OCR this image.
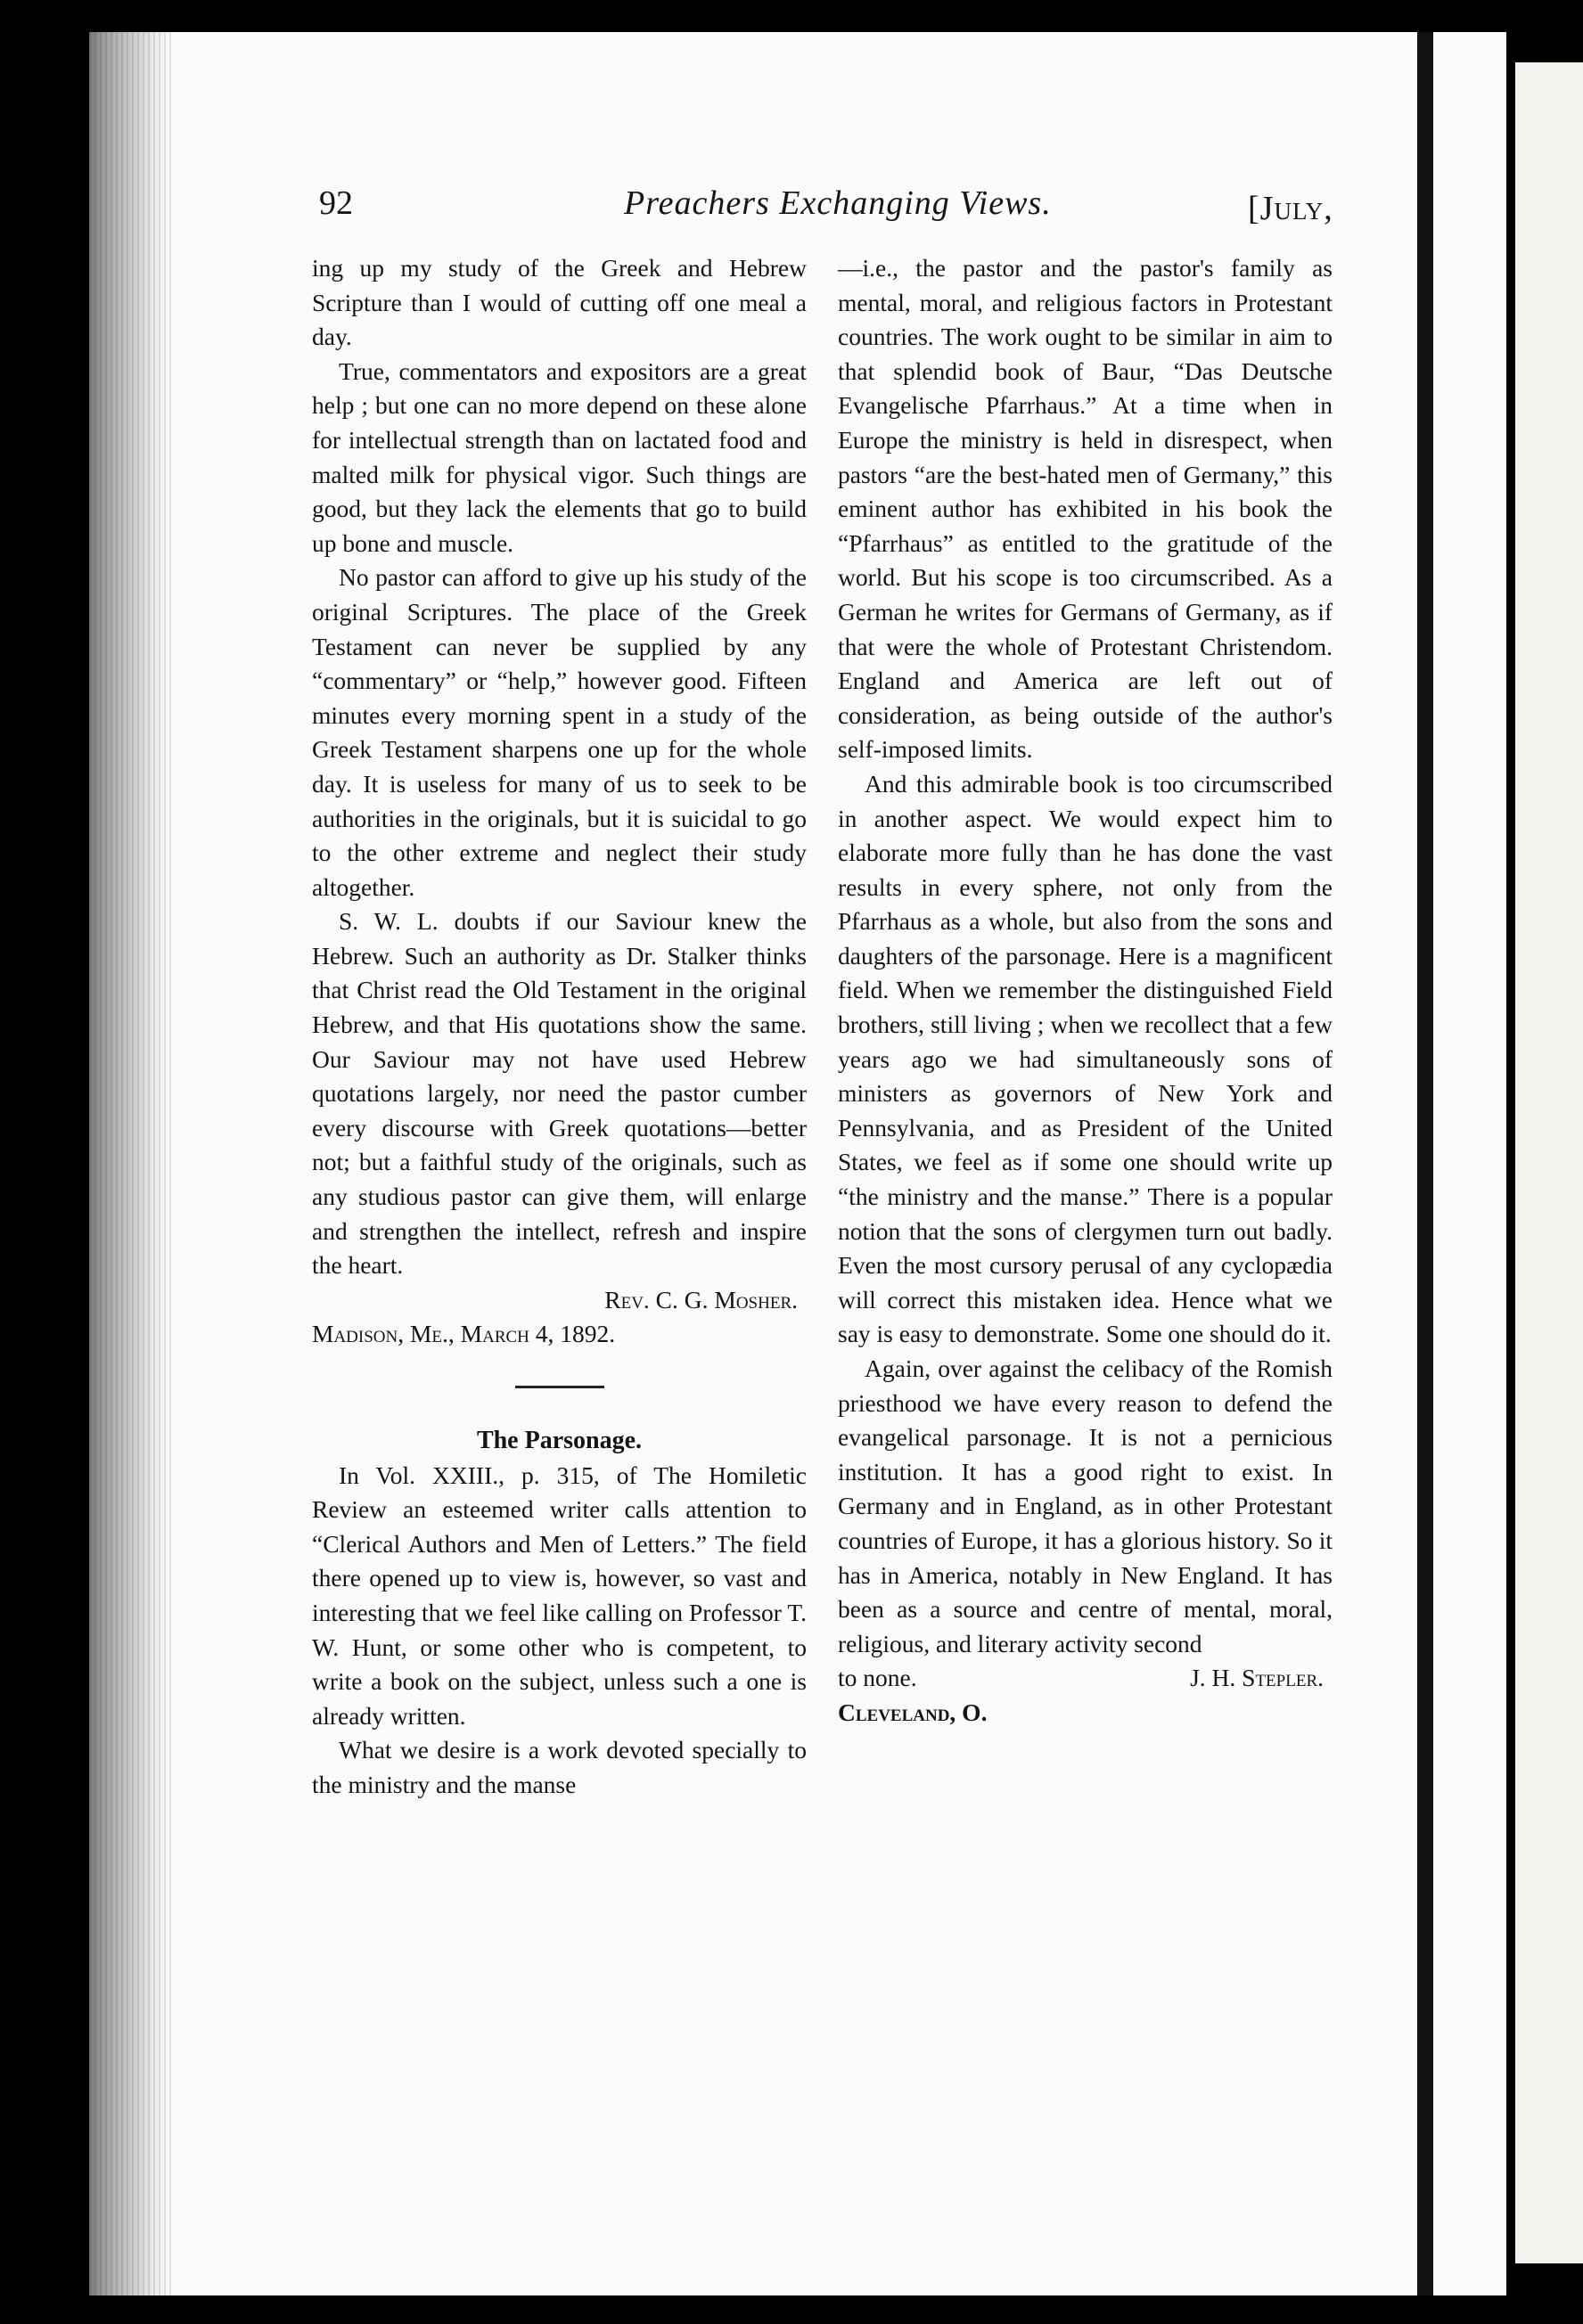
92	Preachers Exchanging Views.	[July,

ing up my study of the Greek and Hebrew Scripture than I would of cutting off one meal a day.

True, commentators and expositors are a great help ; but one can no more depend on these alone for intellectual strength than on lactated food and malted milk for physical vigor. Such things are good, but they lack the elements that go to build up bone and muscle.

No pastor can afford to give up his study of the original Scriptures. The place of the Greek Testament can never be supplied by any “commentary” or “help,” however good. Fifteen minutes every morning spent in a study of the Greek Testament sharpens one up for the whole day. It is useless for many of us to seek to be authorities in the originals, but it is suicidal to go to the other extreme and neglect their study altogether.

S. W. L. doubts if our Saviour knew the Hebrew. Such an authority as Dr. Stalker thinks that Christ read the Old Testament in the original Hebrew, and that His quotations show the same. Our Saviour may not have used Hebrew quotations largely, nor need the pastor cumber every discourse with Greek quotations—better not; but a faithful study of the originals, such as any studious pastor can give them, will enlarge and strengthen the intellect, refresh and inspire the heart.

Rev. C. G. Mosher.

Madison, Me., March 4, 1892.

The Parsonage.

In Vol. XXIII., p. 315, of The Homiletic Review an esteemed writer calls attention to “Clerical Authors and Men of Letters.” The field there opened up to view is, however, so vast and interesting that we feel like calling on Professor T. W. Hunt, or some other who is competent, to write a book on the subject, unless such a one is already written.

What we desire is a work devoted specially to the ministry and the manse

—i.e., the pastor and the pastor's family as mental, moral, and religious factors in Protestant countries. The work ought to be similar in aim to that splendid book of Baur, “Das Deutsche Evangelische Pfarrhaus.” At a time when in Europe the ministry is held in disrespect, when pastors “are the best-hated men of Germany,” this eminent author has exhibited in his book the “Pfarrhaus” as entitled to the gratitude of the world. But his scope is too circumscribed. As a German he writes for Germans of Germany, as if that were the whole of Protestant Christendom. England and America are left out of consideration, as being outside of the author's self-imposed limits.

And this admirable book is too circumscribed in another aspect. We would expect him to elaborate more fully than he has done the vast results in every sphere, not only from the Pfarrhaus as a whole, but also from the sons and daughters of the parsonage. Here is a magnificent field. When we remember the distinguished Field brothers, still living ; when we recollect that a few years ago we had simultaneously sons of ministers as governors of New York and Pennsylvania, and as President of the United States, we feel as if some one should write up “the ministry and the manse.” There is a popular notion that the sons of clergymen turn out badly. Even the most cursory perusal of any cyclopædia will correct this mistaken idea. Hence what we say is easy to demonstrate. Some one should do it.

Again, over against the celibacy of the Romish priesthood we have every reason to defend the evangelical parsonage. It is not a pernicious institution. It has a good right to exist. In Germany and in England, as in other Protestant countries of Europe, it has a glorious history. So it has in America, notably in New England. It has been as a source and centre of mental, moral, religious, and literary activity second

to none.	J. H. Stepler.

Cleveland, O.
